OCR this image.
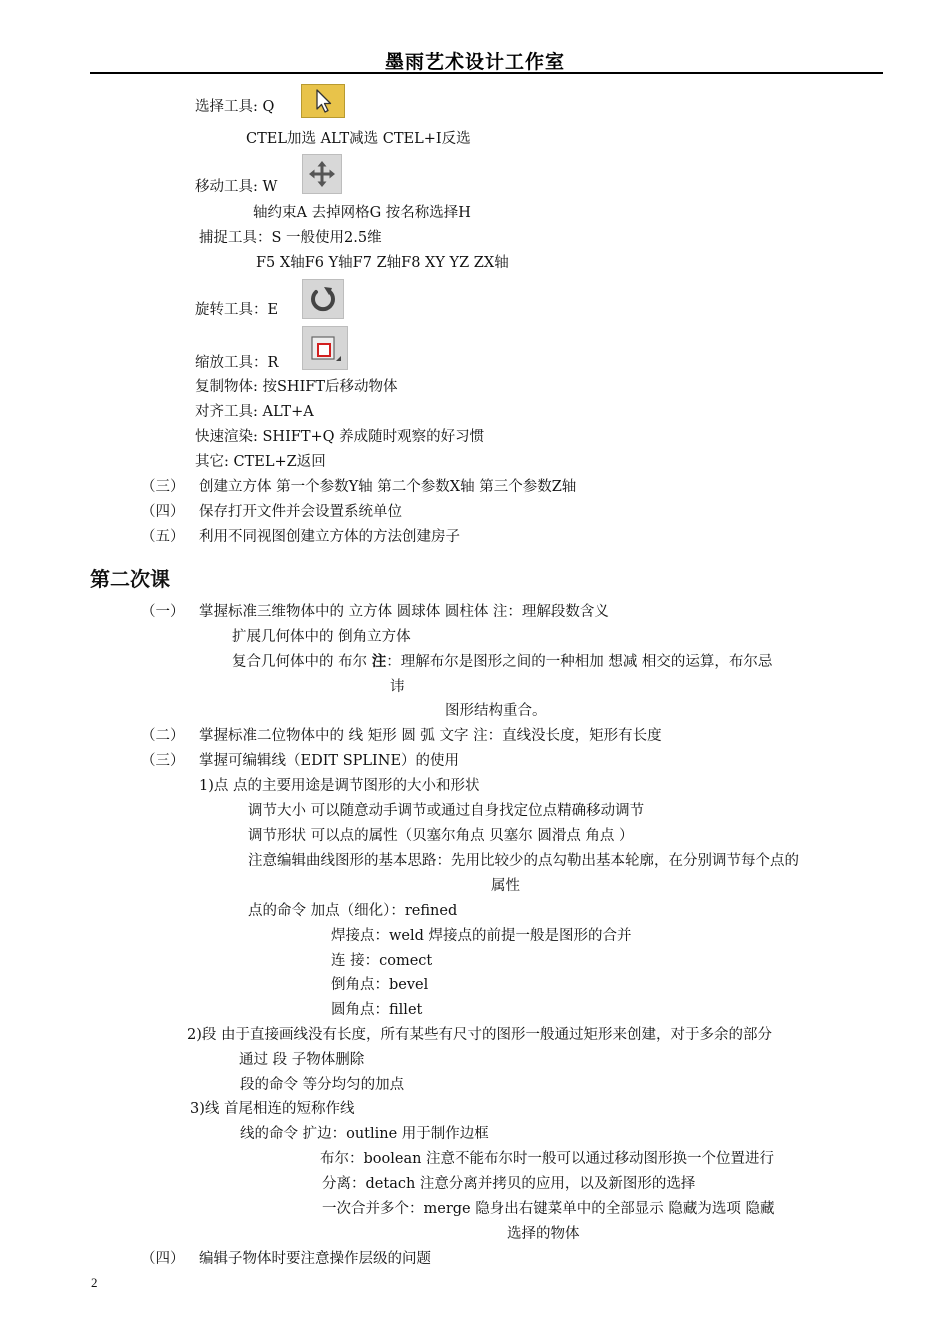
墨雨艺术设计工作室
选择工具: Q
CTEL加选 ALT减选 CTEL+I反选
移动工具: W
轴约束A 去掉网格G 按名称选择H
捕捉工具：S 一般使用2.5维
F5 X轴F6 Y轴F7 Z轴F8 XY YZ ZX轴
旋转工具：E
缩放工具：R
复制物体: 按SHIFT后移动物体
对齐工具: ALT+A
快速渲染: SHIFT+Q 养成随时观察的好习惯
其它: CTEL+Z返回
（三） 创建立方体 第一个参数Y轴 第二个参数X轴 第三个参数Z轴
（四） 保存打开文件并会设置系统单位
（五） 利用不同视图创建立方体的方法创建房子
第二次课
（一） 掌握标准三维物体中的 立方体 圆球体 圆柱体 注：理解段数含义
扩展几何体中的 倒角立方体
复合几何体中的 布尔 注：理解布尔是图形之间的一种相加 想减 相交的运算，布尔忌
讳
图形结构重合。
（二） 掌握标准二位物体中的 线 矩形 圆 弧 文字 注：直线没长度，矩形有长度
（三） 掌握可编辑线（EDIT SPLINE）的使用
1)点 点的主要用途是调节图形的大小和形状
调节大小 可以随意动手调节或通过自身找定位点精确移动调节
调节形状 可以点的属性（贝塞尔角点 贝塞尔 圆滑点 角点 ）
注意编辑曲线图形的基本思路：先用比较少的点勾勒出基本轮廓，在分别调节每个点的
属性
点的命令 加点（细化）：refined
焊接点：weld 焊接点的前提一般是图形的合并
连 接：comect
倒角点：bevel
圆角点：fillet
2)段 由于直接画线没有长度，所有某些有尺寸的图形一般通过矩形来创建，对于多余的部分
通过 段 子物体删除
段的命令 等分均匀的加点
3)线 首尾相连的短称作线
线的命令 扩边：outline 用于制作边框
布尔：boolean 注意不能布尔时一般可以通过移动图形换一个位置进行
分离：detach 注意分离并拷贝的应用，以及新图形的选择
一次合并多个：merge 隐身出右键菜单中的全部显示 隐藏为选项 隐藏
选择的物体
（四） 编辑子物体时要注意操作层级的问题
2
